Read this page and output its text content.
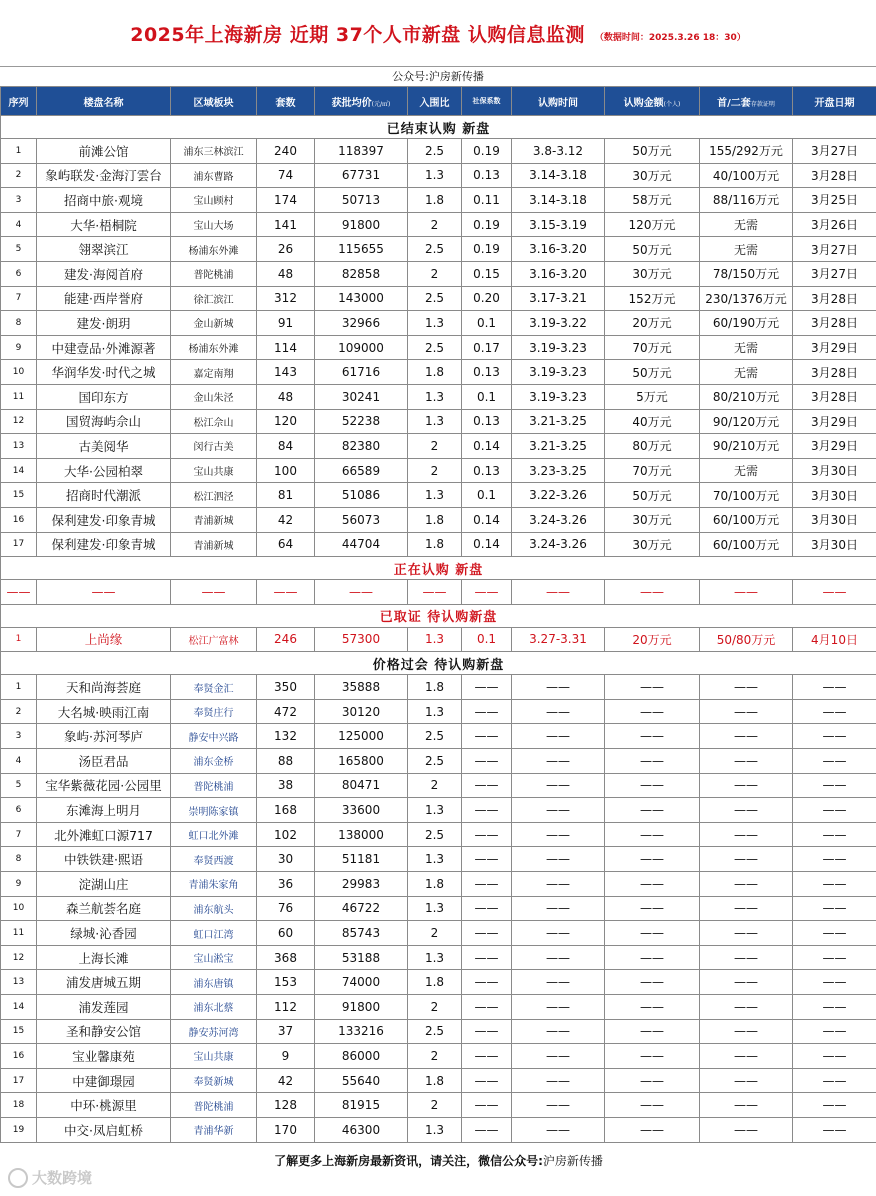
2025年上海新房 近期 37个人市新盘 认购信息监测 （数据时间：2025.3.26 18：30）
公众号:沪房新传播
序列	楼盘名称	区域板块	套数	获批均价(元/㎡)	入围比	社保系数	认购时间	认购金额(个人)	首/二套存款证明	开盘日期
已结束认购 新盘										
1	前滩公馆	浦东三林滨江	240	118397	2.5	0.19	3.8-3.12	50万元	155/292万元	3月27日
2	象屿联发·金海汀雲台	浦东曹路	74	67731	1.3	0.13	3.14-3.18	30万元	40/100万元	3月28日
3	招商中旅·观境	宝山顾村	174	50713	1.8	0.11	3.14-3.18	58万元	88/116万元	3月25日
4	大华·梧桐院	宝山大场	141	91800	2	0.19	3.15-3.19	120万元	无需	3月26日
5	翎翠滨江	杨浦东外滩	26	115655	2.5	0.19	3.16-3.20	50万元	无需	3月27日
6	建发·海阅首府	普陀桃浦	48	82858	2	0.15	3.16-3.20	30万元	78/150万元	3月27日
7	能建·西岸誉府	徐汇滨江	312	143000	2.5	0.20	3.17-3.21	152万元	230/1376万元	3月28日
8	建发·朗玥	金山新城	91	32966	1.3	0.1	3.19-3.22	20万元	60/190万元	3月28日
9	中建壹品·外滩源著	杨浦东外滩	114	109000	2.5	0.17	3.19-3.23	70万元	无需	3月29日
10	华润华发·时代之城	嘉定南翔	143	61716	1.8	0.13	3.19-3.23	50万元	无需	3月28日
11	国印东方	金山朱泾	48	30241	1.3	0.1	3.19-3.23	5万元	80/210万元	3月28日
12	国贸海屿佘山	松江佘山	120	52238	1.3	0.13	3.21-3.25	40万元	90/120万元	3月29日
13	古美阅华	闵行古美	84	82380	2	0.14	3.21-3.25	80万元	90/210万元	3月29日
14	大华·公园柏翠	宝山共康	100	66589	2	0.13	3.23-3.25	70万元	无需	3月30日
15	招商时代潮派	松江泗泾	81	51086	1.3	0.1	3.22-3.26	50万元	70/100万元	3月30日
16	保利建发·印象青城	青浦新城	42	56073	1.8	0.14	3.24-3.26	30万元	60/100万元	3月30日
17	保利建发·印象青城	青浦新城	64	44704	1.8	0.14	3.24-3.26	30万元	60/100万元	3月30日
正在认购 新盘										
——	——	——	——	——	——	——	——	——	——	——
已取证 待认购新盘										
1	上尚缘	松江广富林	246	57300	1.3	0.1	3.27-3.31	20万元	50/80万元	4月10日
价格过会 待认购新盘										
1	天和尚海荟庭	奉贤金汇	350	35888	1.8	——	——	——	——	——
2	大名城·映雨江南	奉贤庄行	472	30120	1.3	——	——	——	——	——
3	象屿·苏河琴庐	静安中兴路	132	125000	2.5	——	——	——	——	——
4	汤臣君品	浦东金桥	88	165800	2.5	——	——	——	——	——
5	宝华紫薇花园·公园里	普陀桃浦	38	80471	2	——	——	——	——	——
6	东滩海上明月	崇明陈家镇	168	33600	1.3	——	——	——	——	——
7	北外滩虹口源717	虹口北外滩	102	138000	2.5	——	——	——	——	——
8	中铁铁建·熙语	奉贤西渡	30	51181	1.3	——	——	——	——	——
9	淀湖山庄	青浦朱家角	36	29983	1.8	——	——	——	——	——
10	森兰航荟名庭	浦东航头	76	46722	1.3	——	——	——	——	——
11	绿城·沁香园	虹口江湾	60	85743	2	——	——	——	——	——
12	上海长滩	宝山淞宝	368	53188	1.3	——	——	——	——	——
13	浦发唐城五期	浦东唐镇	153	74000	1.8	——	——	——	——	——
14	浦发莲园	浦东北蔡	112	91800	2	——	——	——	——	——
15	圣和静安公馆	静安苏河湾	37	133216	2.5	——	——	——	——	——
16	宝业馨康苑	宝山共康	9	86000	2	——	——	——	——	——
17	中建御璟园	奉贤新城	42	55640	1.8	——	——	——	——	——
18	中环·桃源里	普陀桃浦	128	81915	2	——	——	——	——	——
19	中交·凤启虹桥	青浦华新	170	46300	1.3	——	——	——	——	——
了解更多上海新房最新资讯，请关注，微信公众号:沪房新传播										
大数跨境
